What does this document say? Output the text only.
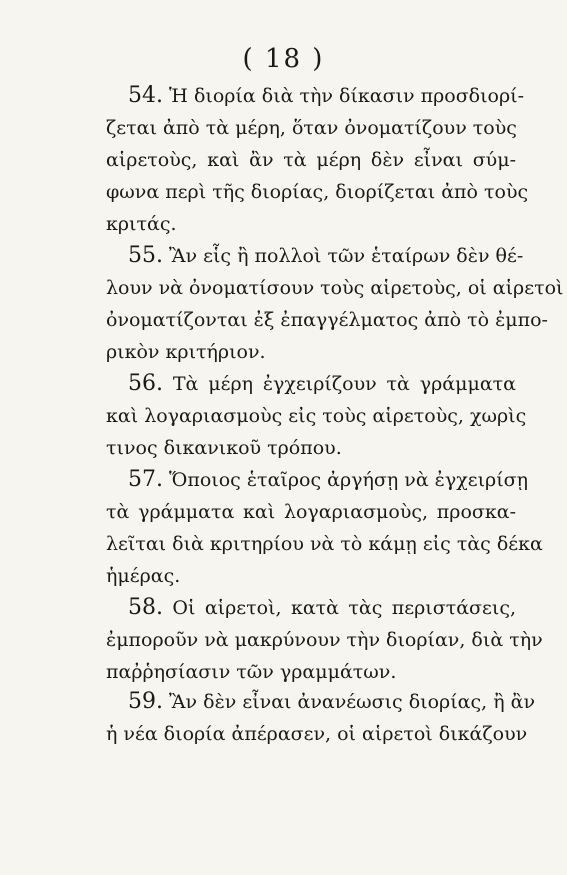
( 18 )
54. Ἡ διορία διὰ τὴν δίκασιν προσδιορί-
ζεται ἀπὸ τὰ μέρη, ὅταν ὀνοματίζουν τοὺς
αἱρετοὺς, καὶ ἂν τὰ μέρη δὲν εἶναι σύμ-
φωνα περὶ τῆς διορίας, διορίζεται ἀπὸ τοὺς
κριτάς.
55. Ἂν εἷς ἢ πολλοὶ τῶν ἑταίρων δὲν θέ-
λουν νὰ ὀνοματίσουν τοὺς αἱρετοὺς, οἱ αἱρετοὶ
ὀνοματίζονται ἐξ ἐπαγγέλματος ἀπὸ τὸ ἐμπο-
ρικὸν κριτήριον.
56. Τὰ μέρη ἐγχειρίζουν τὰ γράμματα
καὶ λογαριασμοὺς εἰς τοὺς αἱρετοὺς, χωρὶς
τινος δικανικοῦ τρόπου.
57. Ὅποιος ἑταῖρος ἀργήσῃ νὰ ἐγχειρίσῃ
τὰ γράμματα καὶ λογαριασμοὺς, προσκα-
λεῖται διὰ κριτηρίου νὰ τὸ κάμῃ εἰς τὰς δέκα
ἡμέρας.
58. Οἱ αἱρετοὶ, κατὰ τὰς περιστάσεις,
ἐμποροῦν νὰ μακρύνουν τὴν διορίαν, διὰ τὴν
παῤῥησίασιν τῶν γραμμάτων.
59. Ἂν δὲν εἶναι ἀνανέωσις διορίας, ἢ ἂν
ἡ νέα διορία ἀπέρασεν, οἱ αἱρετοὶ δικάζουν
